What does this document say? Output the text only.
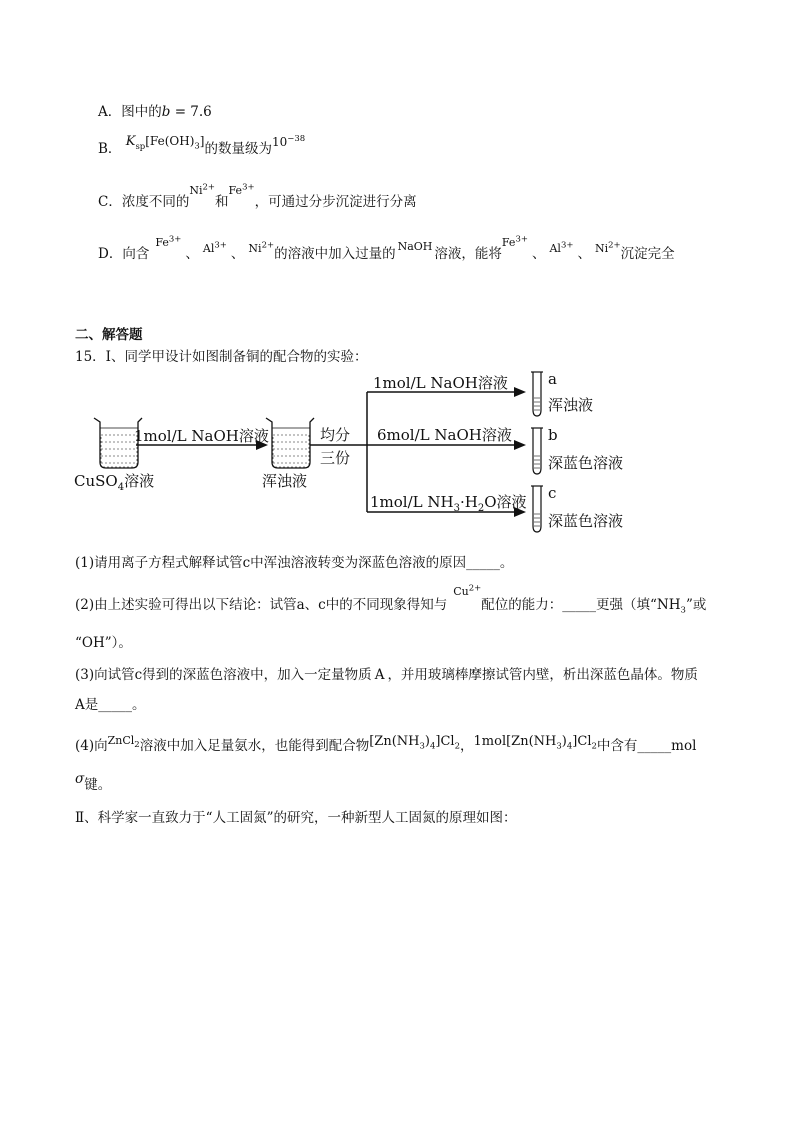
A．图中的b = 7.6
B． $K_{sp}[Fe(OH)_3]$的数量级为$10^{-38}$
C．浓度不同的$^{Ni^{2+}}$和$^{Fe^{3+}}$，可通过分步沉淀进行分离
D．向含$^{Fe^{3+}}$、 $^{Al^{3+}}$、 $^{Ni^{2+}}$的溶液中加入过量的 $^{NaOH}$ 溶液，能将$^{Fe^{3+}}$、 $^{Al^{3+}}$、 $^{Ni^{2+}}$沉淀完全
二、解答题
15．Ⅰ、同学甲设计如图制备铜的配合物的实验：
CuSO$_4$溶液
1mol/L NaOH溶液
浑浊液
均分
三份
1mol/L NaOH溶液
6mol/L NaOH溶液
1mol/L $NH_3\cdot H_2O$溶液
a
浑浊液
b
深蓝色溶液
c
深蓝色溶液
(1)请用离子方程式解释试管c中浑浊溶液转变为深蓝色溶液的原因_____。
(2)由上述实验可得出以下结论：试管a、c中的不同现象得知与$^{Cu^{2+}}$配位的能力：_____更强（填“$NH_3$”或
“OH”）。
(3)向试管c得到的深蓝色溶液中，加入一定量物质 A ，并用玻璃棒摩擦试管内壁，析出深蓝色晶体。物质
A是_____。
(4)向$^{ZnCl_2}$溶液中加入足量氨水，也能得到配合物$[Zn(NH_3)_4]Cl_2$，$1mol[Zn(NH_3)_4]Cl_2$中含有_____mol
σ键。
Ⅱ、科学家一直致力于“人工固氮”的研究，一种新型人工固氮的原理如图：
